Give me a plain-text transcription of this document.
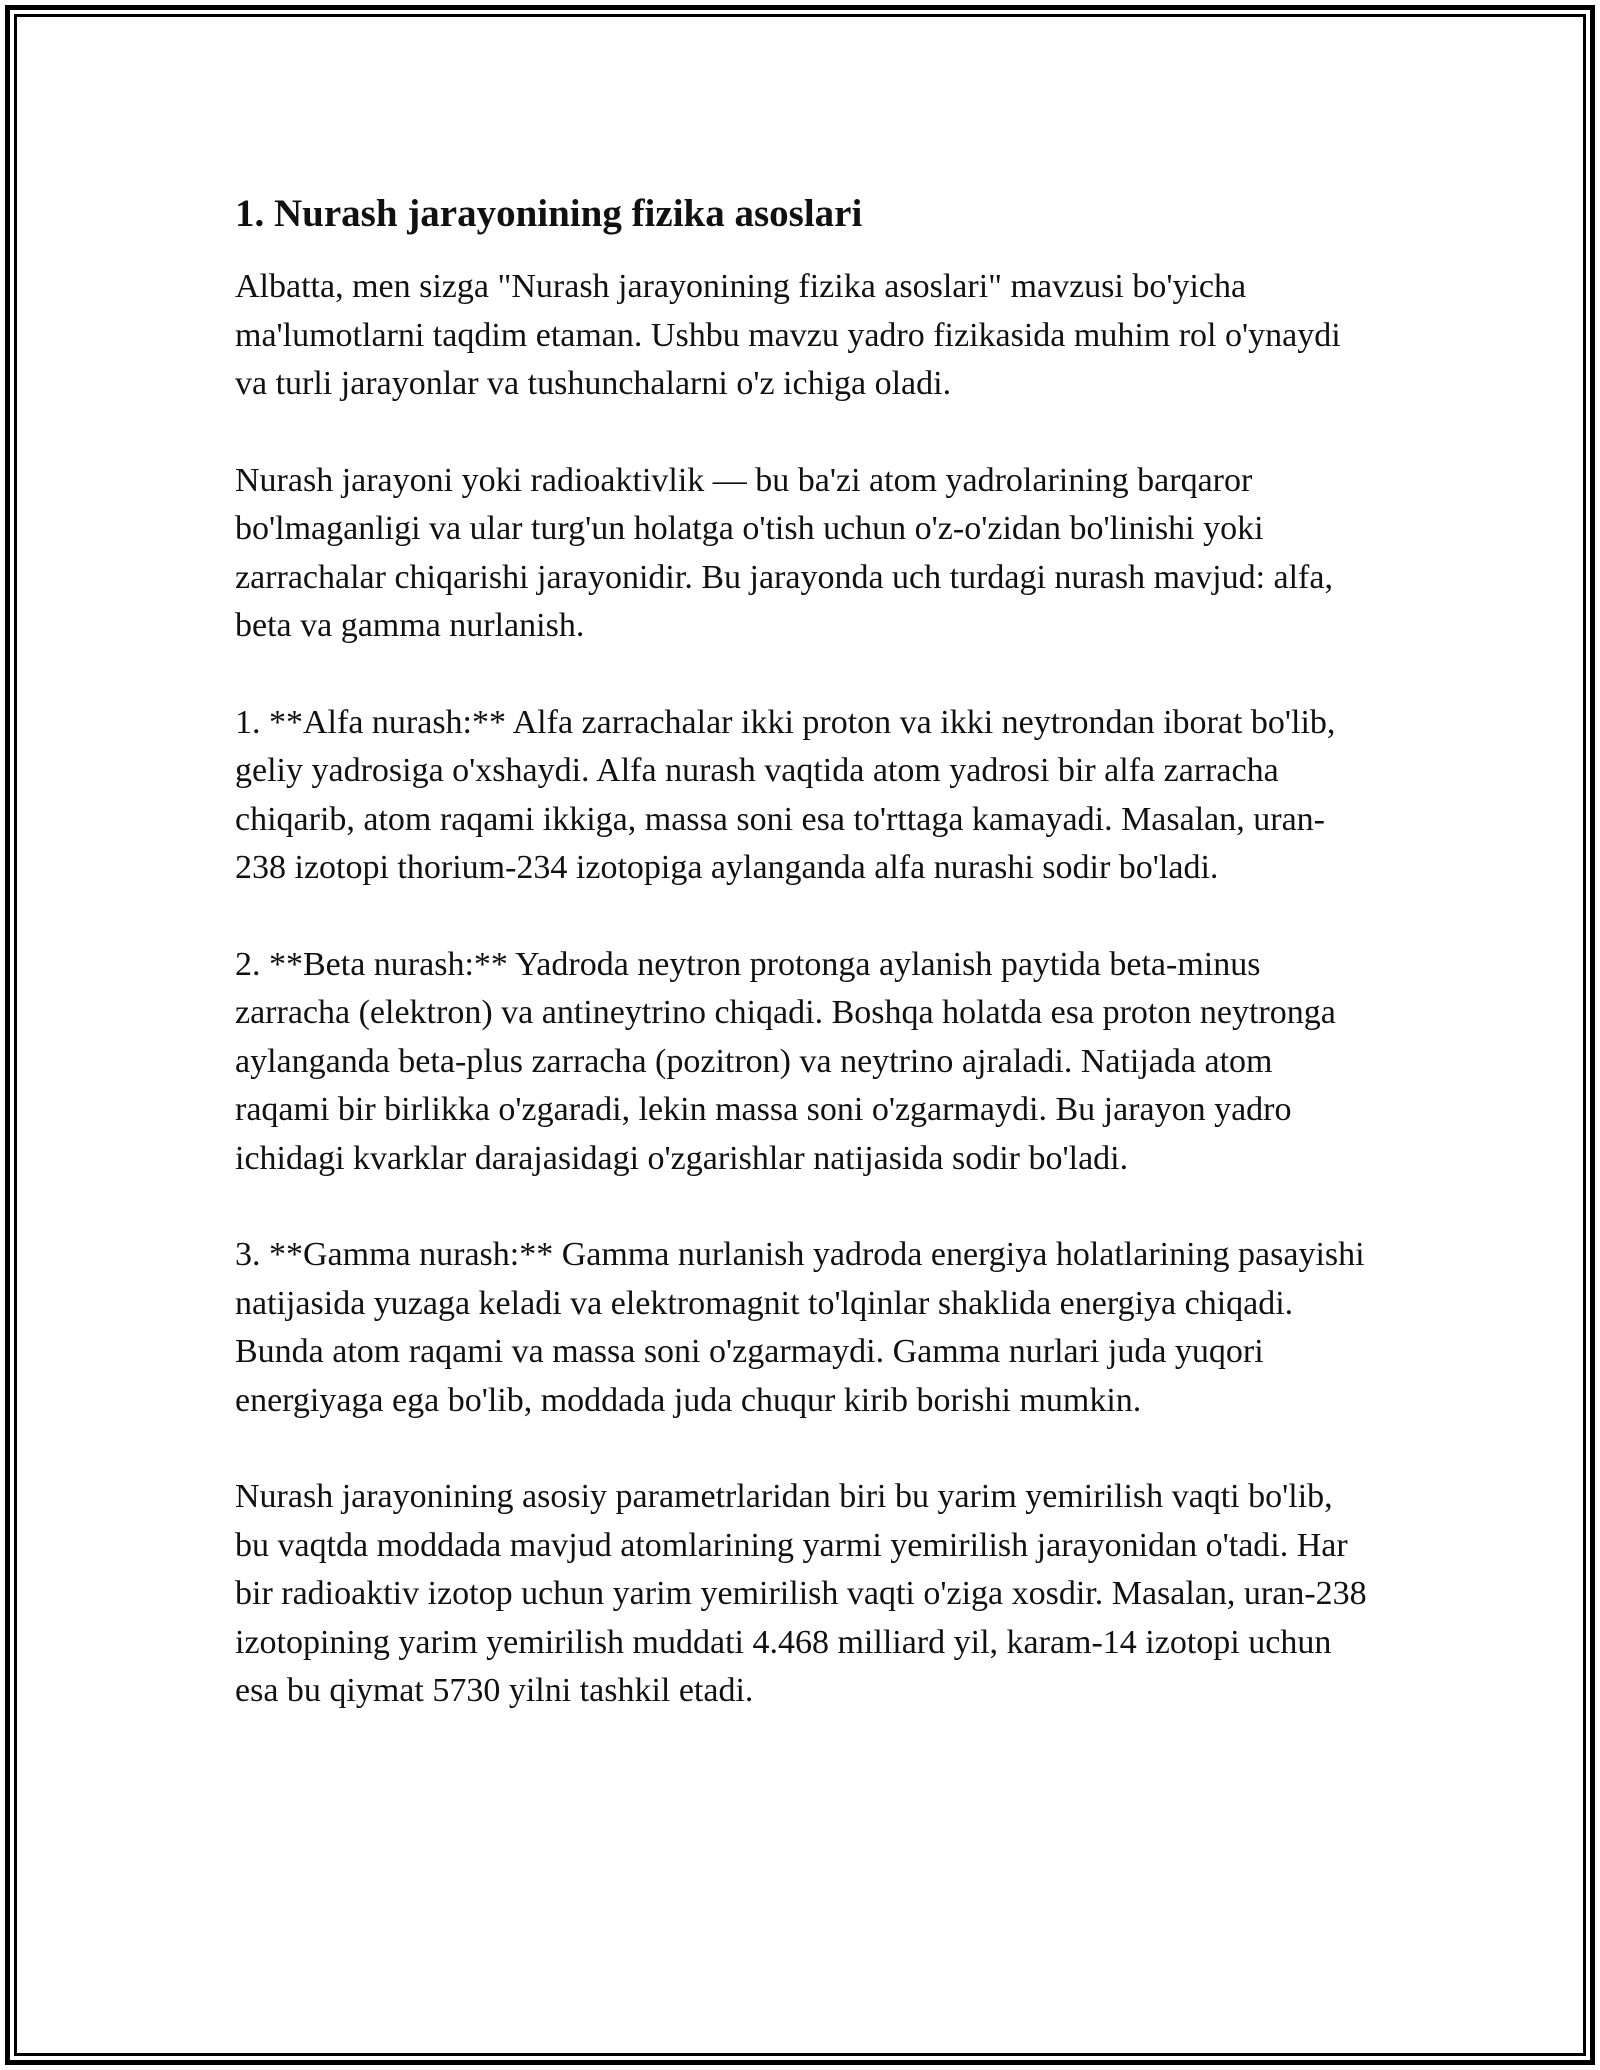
1. Nurash jarayonining fizika asoslari

Albatta, men sizga "Nurash jarayonining fizika asoslari" mavzusi bo'yicha ma'lumotlarni taqdim etaman. Ushbu mavzu yadro fizikasida muhim rol o'ynaydi va turli jarayonlar va tushunchalarni o'z ichiga oladi.

Nurash jarayoni yoki radioaktivlik — bu ba'zi atom yadrolarining barqaror bo'lmaganligi va ular turg'un holatga o'tish uchun o'z-o'zidan bo'linishi yoki zarrachalar chiqarishi jarayonidir. Bu jarayonda uch turdagi nurash mavjud: alfa, beta va gamma nurlanish.

1. **Alfa nurash:** Alfa zarrachalar ikki proton va ikki neytrondan iborat bo'lib, geliy yadrosiga o'xshaydi. Alfa nurash vaqtida atom yadrosi bir alfa zarracha chiqarib, atom raqami ikkiga, massa soni esa to'rttaga kamayadi. Masalan, uran-238 izotopi thorium-234 izotopiga aylanganda alfa nurashi sodir bo'ladi.

2. **Beta nurash:** Yadroda neytron protonga aylanish paytida beta-minus zarracha (elektron) va antineytrino chiqadi. Boshqa holatda esa proton neytronga aylanganda beta-plus zarracha (pozitron) va neytrino ajraladi. Natijada atom raqami bir birlikka o'zgaradi, lekin massa soni o'zgarmaydi. Bu jarayon yadro ichidagi kvarklar darajasidagi o'zgarishlar natijasida sodir bo'ladi.

3. **Gamma nurash:** Gamma nurlanish yadroda energiya holatlarining pasayishi natijasida yuzaga keladi va elektromagnit to'lqinlar shaklida energiya chiqadi. Bunda atom raqami va massa soni o'zgarmaydi. Gamma nurlari juda yuqori energiyaga ega bo'lib, moddada juda chuqur kirib borishi mumkin.

Nurash jarayonining asosiy parametrlaridan biri bu yarim yemirilish vaqti bo'lib, bu vaqtda moddada mavjud atomlarining yarmi yemirilish jarayonidan o'tadi. Har bir radioaktiv izotop uchun yarim yemirilish vaqti o'ziga xosdir. Masalan, uran-238 izotopining yarim yemirilish muddati 4.468 milliard yil, karam-14 izotopi uchun esa bu qiymat 5730 yilni tashkil etadi.
